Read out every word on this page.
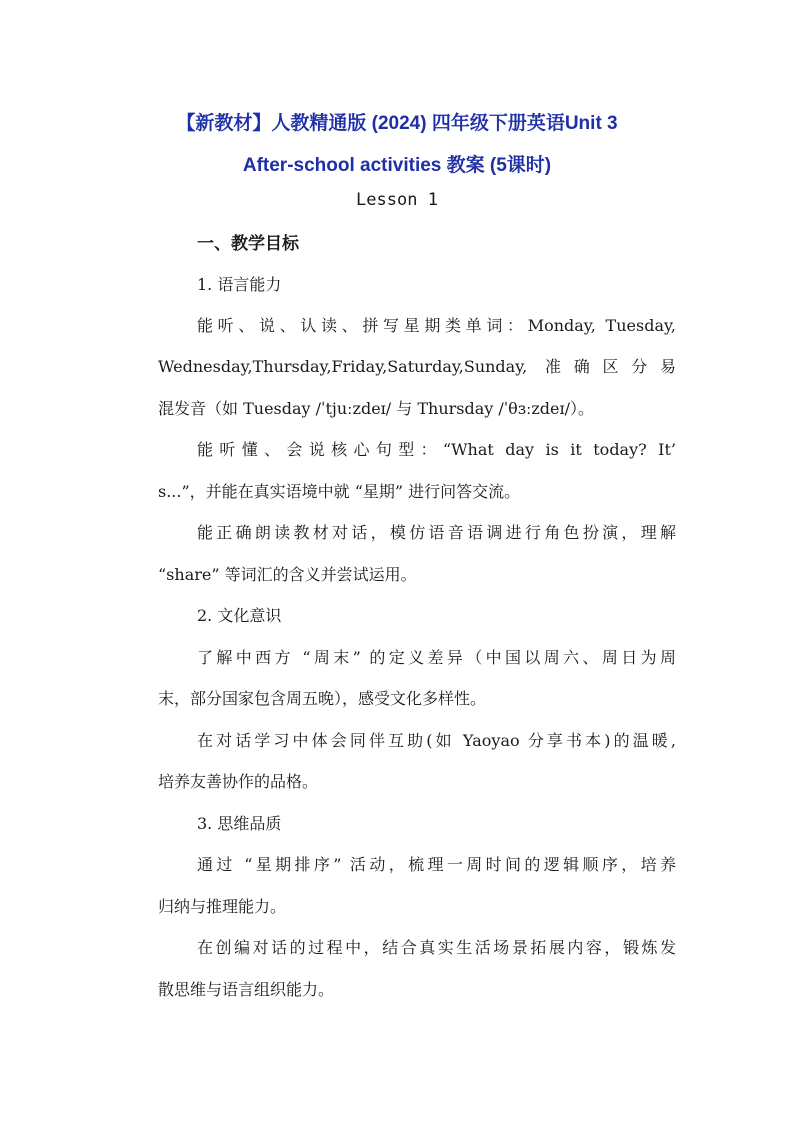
【新教材】人教精通版 (2024) 四年级下册英语Unit 3
After-school activities 教案 (5课时)
Lesson 1
一、教学目标
1. 语言能力
能听、说、认读、拼写星期类单词：Monday, Tuesday,
Wednesday,Thursday,Friday,Saturday,Sunday, 准确区分易
混发音（如 Tuesday /ˈtjuːzdeɪ/ 与 Thursday /ˈθɜːzdeɪ/）。
能听懂、会说核心句型：“What day is it today? It’
s...”，并能在真实语境中就 “星期” 进行问答交流。
能正确朗读教材对话，模仿语音语调进行角色扮演，理解
“share” 等词汇的含义并尝试运用。
2. 文化意识
了解中西方 “周末” 的定义差异（中国以周六、周日为周
末，部分国家包含周五晚），感受文化多样性。
在对话学习中体会同伴互助(如 Yaoyao 分享书本)的温暖,
培养友善协作的品格。
3. 思维品质
通过 “星期排序” 活动，梳理一周时间的逻辑顺序，培养
归纳与推理能力。
在创编对话的过程中，结合真实生活场景拓展内容，锻炼发
散思维与语言组织能力。
